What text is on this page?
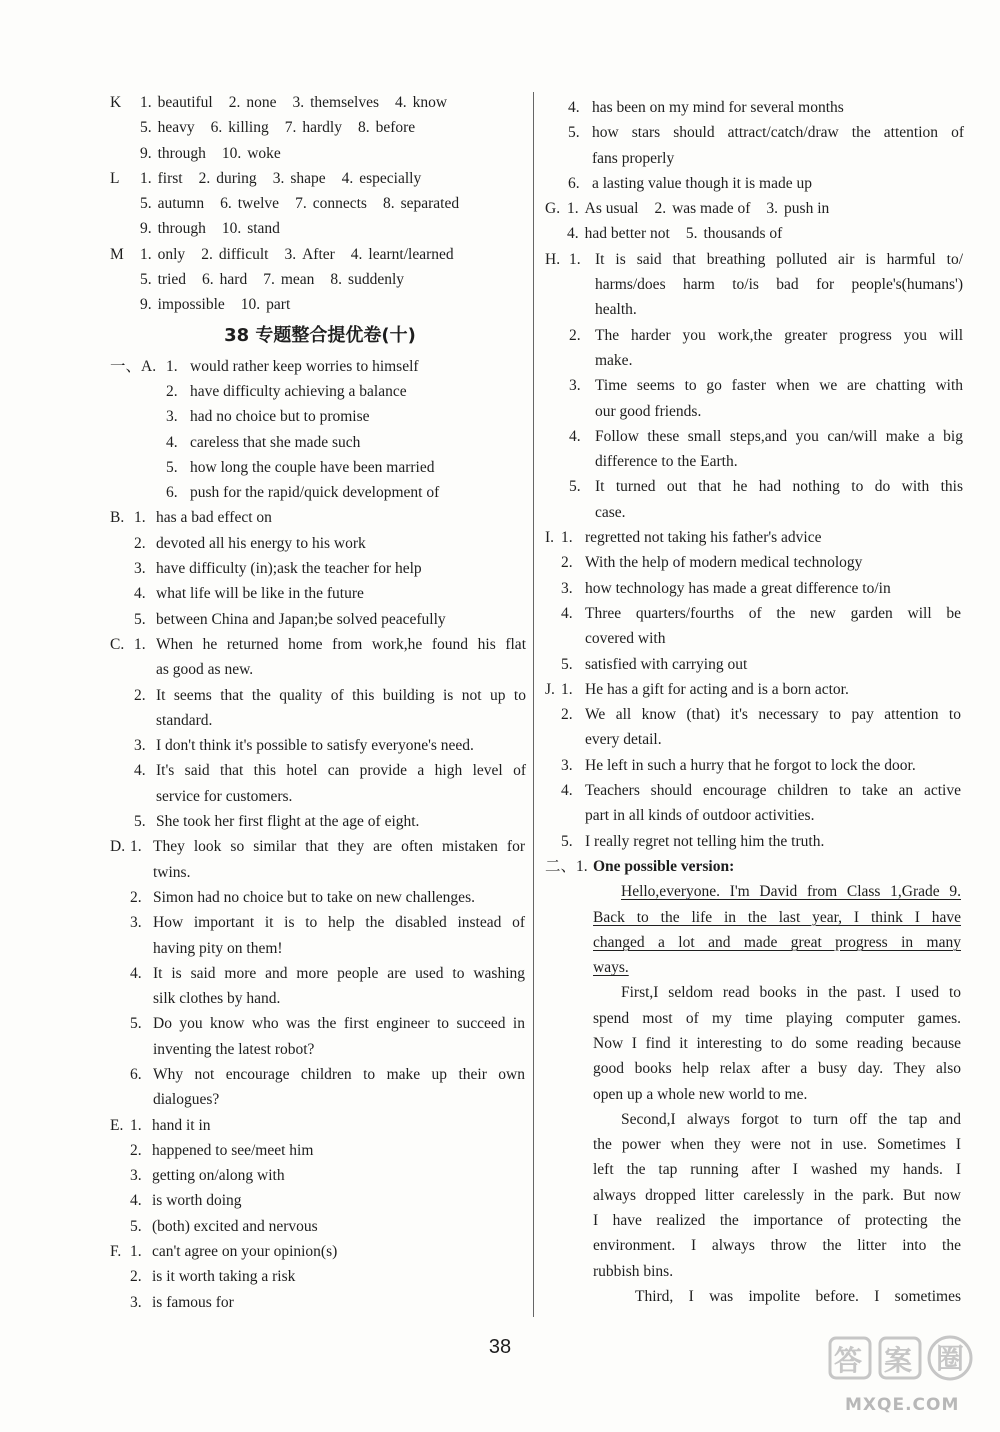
K 1. beautiful 2. none 3. themselves 4. know
5. heavy 6. killing 7. hardly 8. before
9. through 10. woke
L 1. first 2. during 3. shape 4. especially
5. autumn 6. twelve 7. connects 8. separated
9. through 10. stand
M 1. only 2. difficult 3. After 4. learnt/learned
5. tried 6. hard 7. mean 8. suddenly
9. impossible 10. part
38 专题整合提优卷(十)
一、A. 1. would rather keep worries to himself
2. have difficulty achieving a balance
3. had no choice but to promise
4. careless that she made such
5. how long the couple have been married
6. push for the rapid/quick development of
B. 1. has a bad effect on
2. devoted all his energy to his work
3. have difficulty (in);ask the teacher for help
4. what life will be like in the future
5. between China and Japan;be solved peacefully
C. 1. When he returned home from work,he found his flat
as good as new.
2. It seems that the quality of this building is not up to
standard.
3. I don't think it's possible to satisfy everyone's need.
4. It's said that this hotel can provide a high level of
service for customers.
5. She took her first flight at the age of eight.
D. 1. They look so similar that they are often mistaken for
twins.
2. Simon had no choice but to take on new challenges.
3. How important it is to help the disabled instead of
having pity on them!
4. It is said more and more people are used to washing
silk clothes by hand.
5. Do you know who was the first engineer to succeed in
inventing the latest robot?
6. Why not encourage children to make up their own
dialogues?
E. 1. hand it in
2. happened to see/meet him
3. getting on/along with
4. is worth doing
5. (both) excited and nervous
F. 1. can't agree on your opinion(s)
2. is it worth taking a risk
3. is famous for
4. has been on my mind for several months
5. how stars should attract/catch/draw the attention of
fans properly
6. a lasting value though it is made up
G. 1. As usual 2. was made of 3. push in
4. had better not 5. thousands of
H. 1. It is said that breathing polluted air is harmful to/
harms/does harm to/is bad for people's(humans')
health.
2. The harder you work,the greater progress you will
make.
3. Time seems to go faster when we are chatting with
our good friends.
4. Follow these small steps,and you can/will make a big
difference to the Earth.
5. It turned out that he had nothing to do with this
case.
I. 1. regretted not taking his father's advice
2. With the help of modern medical technology
3. how technology has made a great difference to/in
4. Three quarters/fourths of the new garden will be
covered with
5. satisfied with carrying out
J. 1. He has a gift for acting and is a born actor.
2. We all know (that) it's necessary to pay attention to
every detail.
3. He left in such a hurry that he forgot to lock the door.
4. Teachers should encourage children to take an active
part in all kinds of outdoor activities.
5. I really regret not telling him the truth.
二、1. One possible version:
Hello,everyone. I'm David from Class 1,Grade 9.
Back to the life in the last year, I think I have
changed a lot and made great progress in many
ways.
First,I seldom read books in the past. I used to
spend most of my time playing computer games.
Now I find it interesting to do some reading because
good books help relax after a busy day. They also
open up a whole new world to me.
Second,I always forgot to turn off the tap and
the power when they were not in use. Sometimes I
left the tap running after I washed my hands. I
always dropped litter carelessly in the park. But now
I have realized the importance of protecting the
environment. I always throw the litter into the
rubbish bins.
Third, I was impolite before. I sometimes
38	答 案 圈
MXQE.COM
